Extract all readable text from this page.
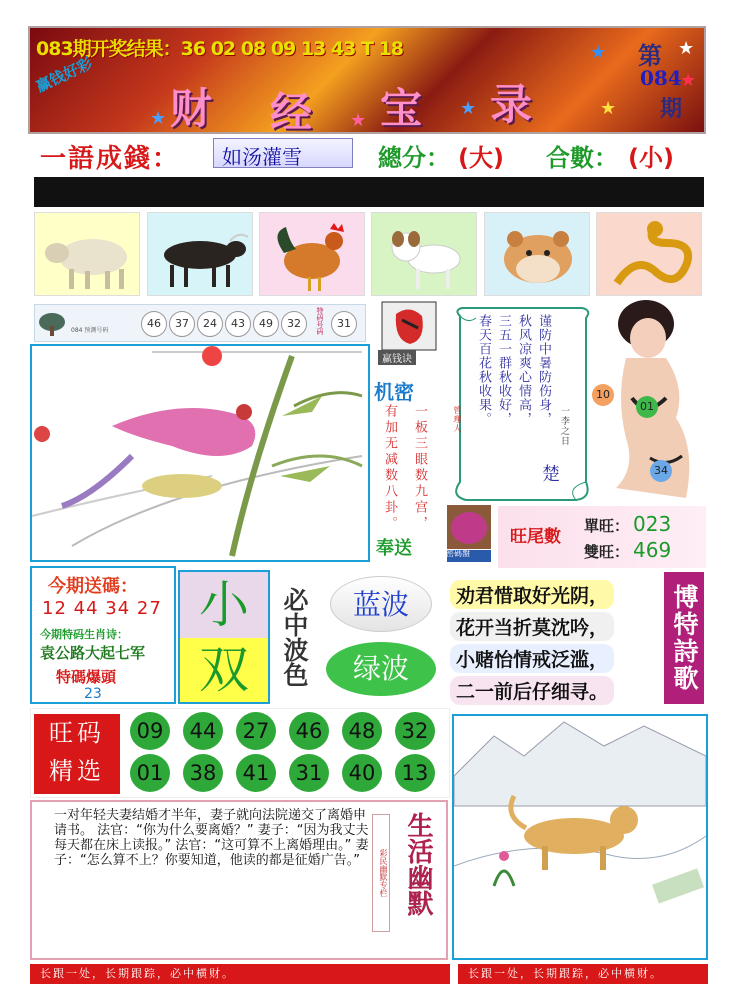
083期开奖结果：36 02 08 09 13 43 T 18
赢钱好彩
财 经 宝 录
★	★
★
★	★
★
★
第
084
期
一語成錢： 如汤灌雪	總分： (大) 合數： (小)
084 预测号码
46	37	24	43	49	32	特码号码	31
赢钱诀
机密
有加无减数八卦。 一板三眼数九宫，
奉送
谨防中暑防伤身，
秋风凉爽心情高，
三五一群秋收好，
春天百花秋收果。	一李之日
管理人
楚
10
01
34
密碼盤
旺尾數
單旺： 023
雙旺： 469
今期送碼：
12 44 34 27
今期特码生肖诗：
袁公路大起七军
特碼爆頭
23
小
双	必中波色	蓝波
绿波
劝君惜取好光阴，
花开当折莫沈吟，
小赌怡情戒泛滥，
二一前后仔细寻。 博特詩歌
旺码
精选
09	44	27	46	48	32
01	38	41	31	40	13
一对年轻夫妻结婚才半年，妻子就向法院递交了离婚申请书。 法官：“你为什么要离婚？” 妻子：“因为我丈夫每天都在床上读报。” 法官：“这可算不上离婚理由。” 妻子：“怎么算不上？你要知道，他读的都是征婚广告。”	彩民幽默专栏 生活幽默
长跟一处，长期跟踪，必中横财。	长跟一处，长期跟踪，必中横财。
